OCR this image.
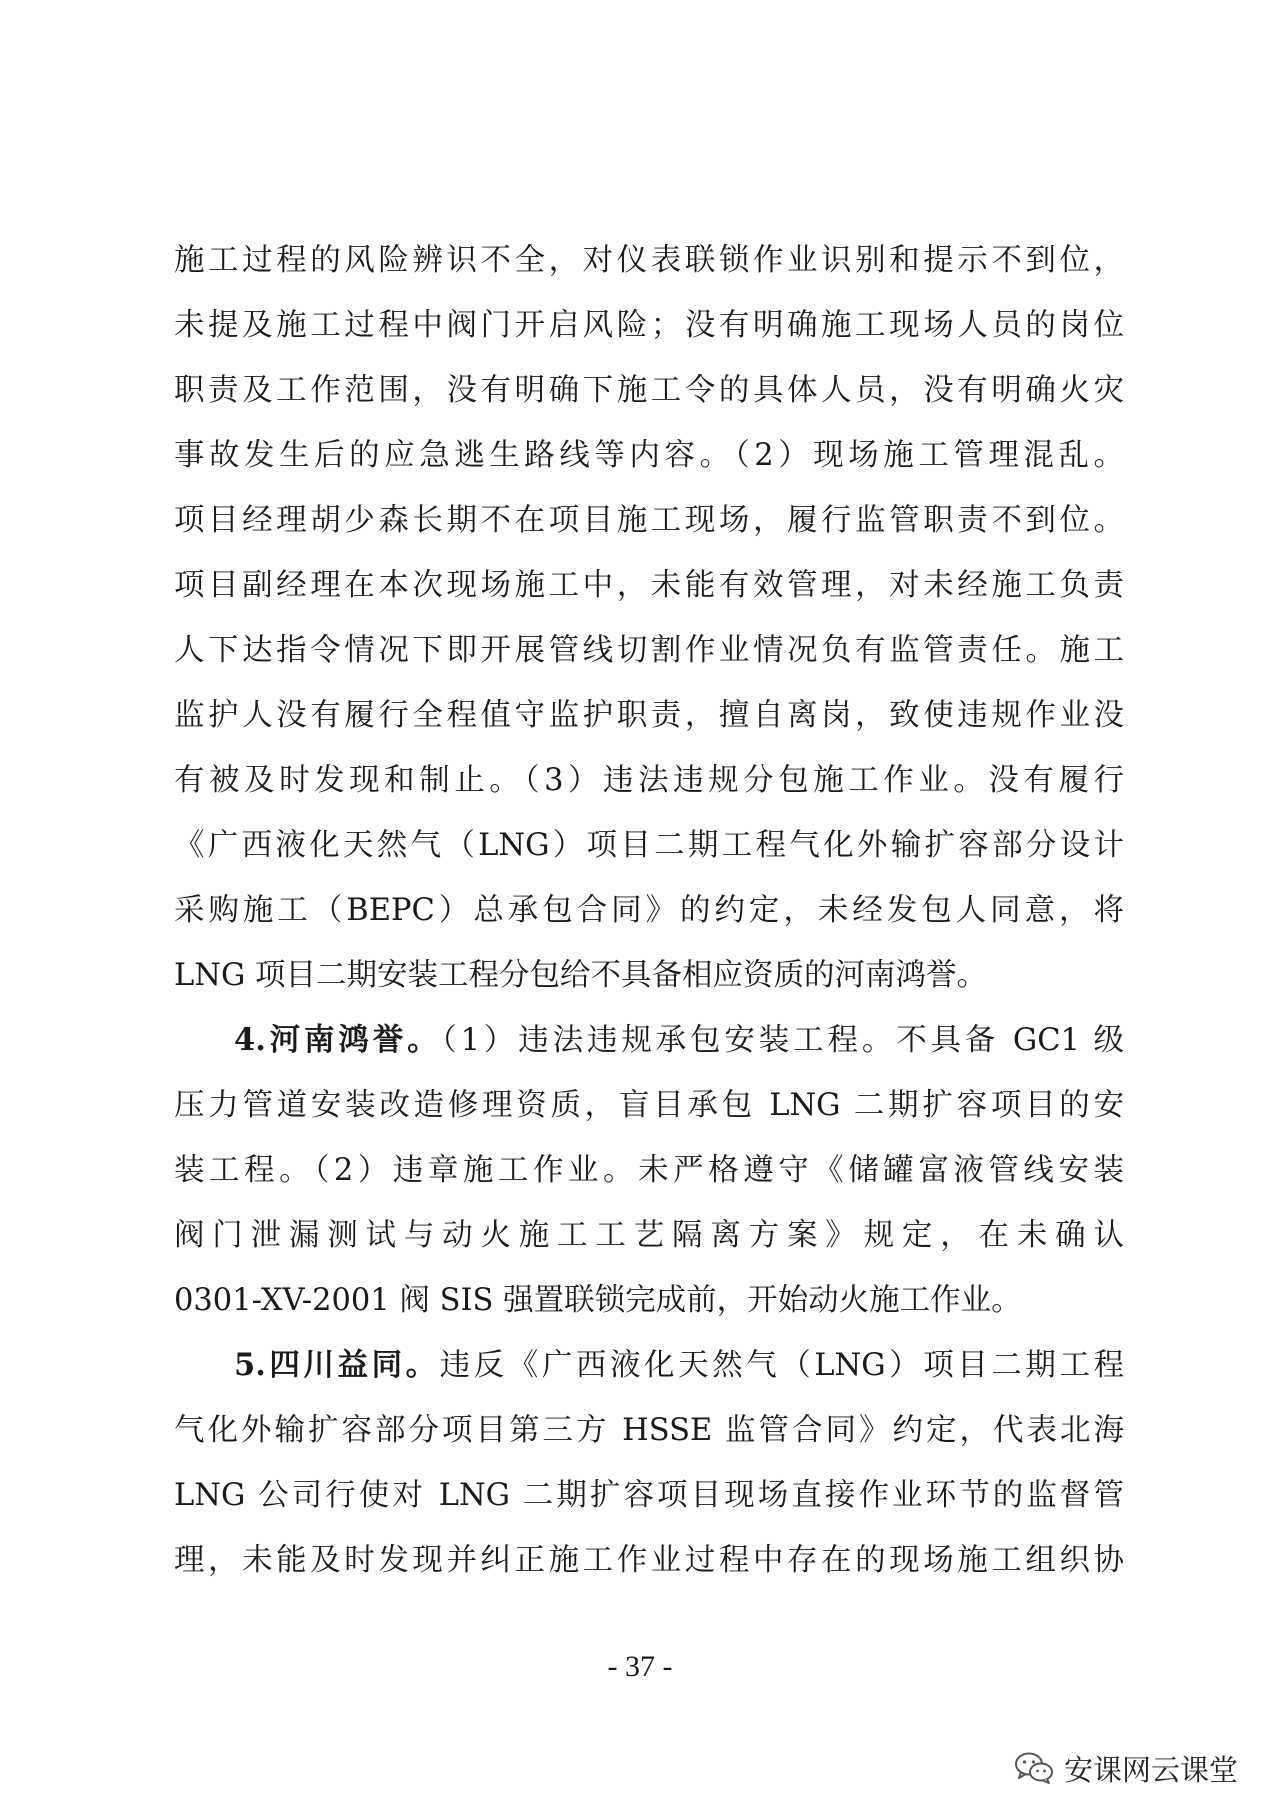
施工过程的风险辨识不全，对仪表联锁作业识别和提示不到位，
未提及施工过程中阀门开启风险；没有明确施工现场人员的岗位
职责及工作范围，没有明确下施工令的具体人员，没有明确火灾
事故发生后的应急逃生路线等内容。（2）现场施工管理混乱。
项目经理胡少森长期不在项目施工现场，履行监管职责不到位。
项目副经理在本次现场施工中，未能有效管理，对未经施工负责
人下达指令情况下即开展管线切割作业情况负有监管责任。施工
监护人没有履行全程值守监护职责，擅自离岗，致使违规作业没
有被及时发现和制止。（3）违法违规分包施工作业。没有履行
《广西液化天然气（LNG）项目二期工程气化外输扩容部分设计
采购施工（BEPC）总承包合同》的约定，未经发包人同意，将
LNG 项目二期安装工程分包给不具备相应资质的河南鸿誉。
4.河南鸿誉。（1）违法违规承包安装工程。不具备 GC1 级
压力管道安装改造修理资质，盲目承包 LNG 二期扩容项目的安
装工程。（2）违章施工作业。未严格遵守《储罐富液管线安装
阀门泄漏测试与动火施工工艺隔离方案》规定，在未确认
0301-XV-2001 阀 SIS 强置联锁完成前，开始动火施工作业。
5.四川益同。违反《广西液化天然气（LNG）项目二期工程
气化外输扩容部分项目第三方 HSSE 监管合同》约定，代表北海
LNG 公司行使对 LNG 二期扩容项目现场直接作业环节的监督管
理，未能及时发现并纠正施工作业过程中存在的现场施工组织协
- 37 -
安课网云课堂
